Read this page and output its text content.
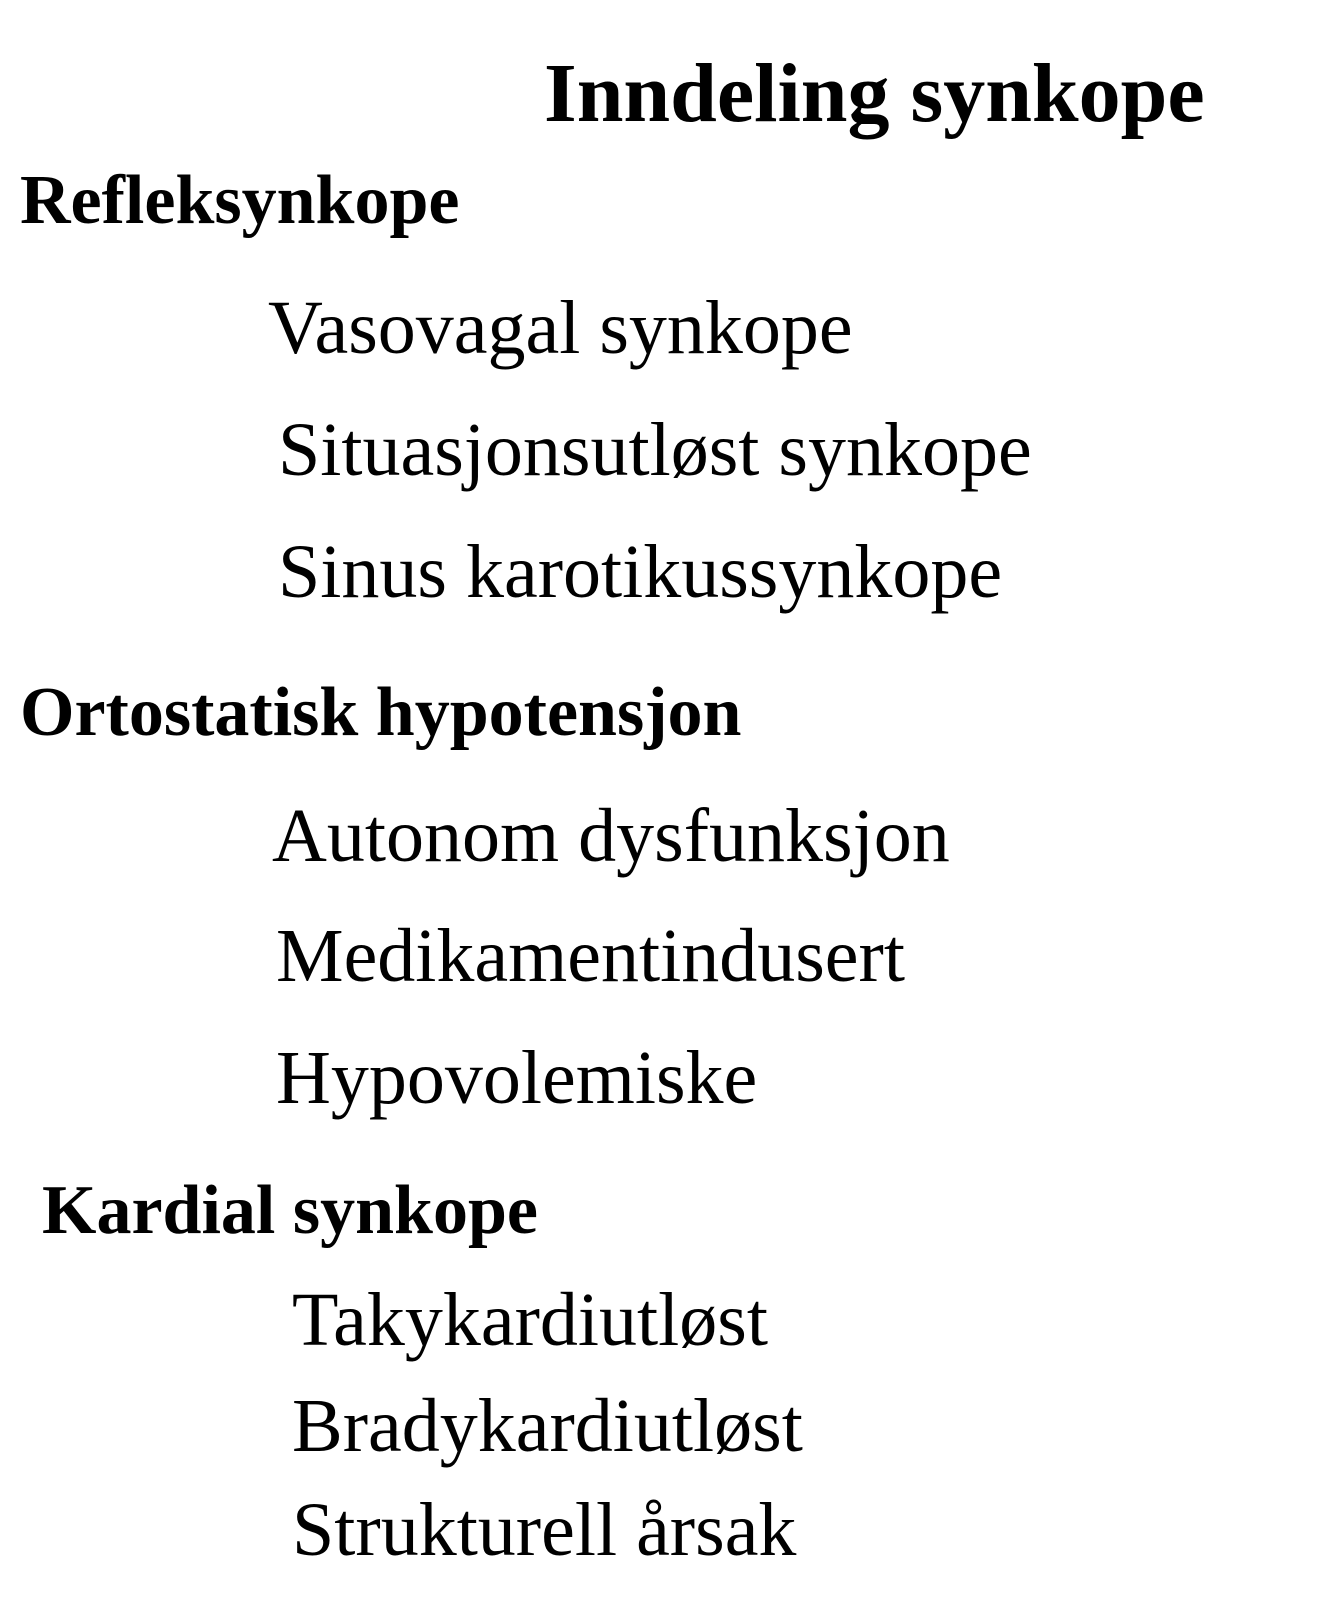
Inndeling synkope
Refleksynkope
Vasovagal synkope
Situasjonsutløst synkope
Sinus karotikussynkope
Ortostatisk hypotensjon
Autonom dysfunksjon
Medikamentindusert
Hypovolemiske
Kardial synkope
Takykardiutløst
Bradykardiutløst
Strukturell årsak
